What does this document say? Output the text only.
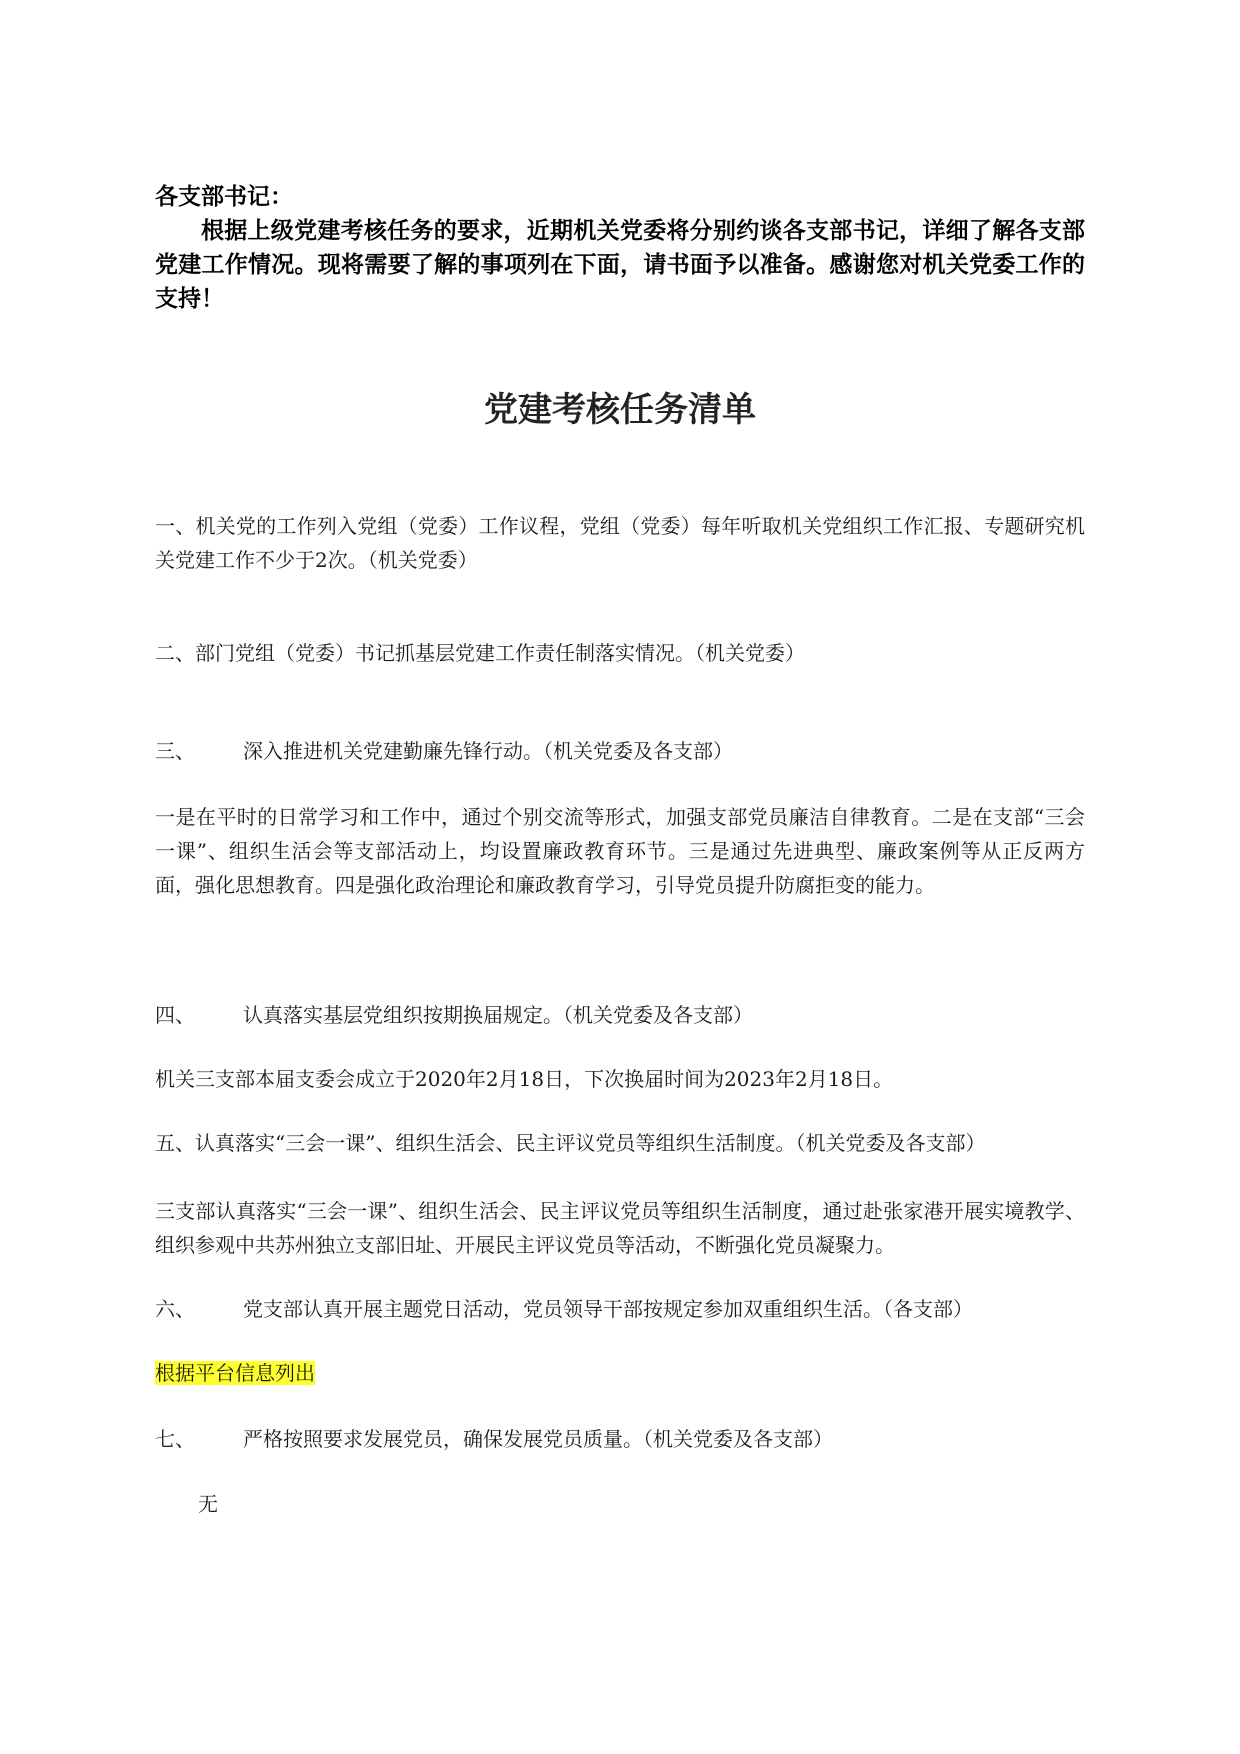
各支部书记：

根据上级党建考核任务的要求，近期机关党委将分别约谈各支部书记，详细了解各支部党建工作情况。现将需要了解的事项列在下面，请书面予以准备。感谢您对机关党委工作的支持！

党建考核任务清单

一、机关党的工作列入党组（党委）工作议程，党组（党委）每年听取机关党组织工作汇报、专题研究机关党建工作不少于2次。（机关党委）

二、部门党组（党委）书记抓基层党建工作责任制落实情况。（机关党委）

三、 深入推进机关党建勤廉先锋行动。（机关党委及各支部）

一是在平时的日常学习和工作中，通过个别交流等形式，加强支部党员廉洁自律教育。二是在支部“三会一课”、组织生活会等支部活动上，均设置廉政教育环节。三是通过先进典型、廉政案例等从正反两方面，强化思想教育。四是强化政治理论和廉政教育学习，引导党员提升防腐拒变的能力。

四、 认真落实基层党组织按期换届规定。（机关党委及各支部）

机关三支部本届支委会成立于2020年2月18日，下次换届时间为2023年2月18日。

五、认真落实“三会一课”、组织生活会、民主评议党员等组织生活制度。（机关党委及各支部）

三支部认真落实“三会一课”、组织生活会、民主评议党员等组织生活制度，通过赴张家港开展实境教学、组织参观中共苏州独立支部旧址、开展民主评议党员等活动，不断强化党员凝聚力。

六、 党支部认真开展主题党日活动，党员领导干部按规定参加双重组织生活。（各支部）

根据平台信息列出

七、 严格按照要求发展党员，确保发展党员质量。（机关党委及各支部）

无
